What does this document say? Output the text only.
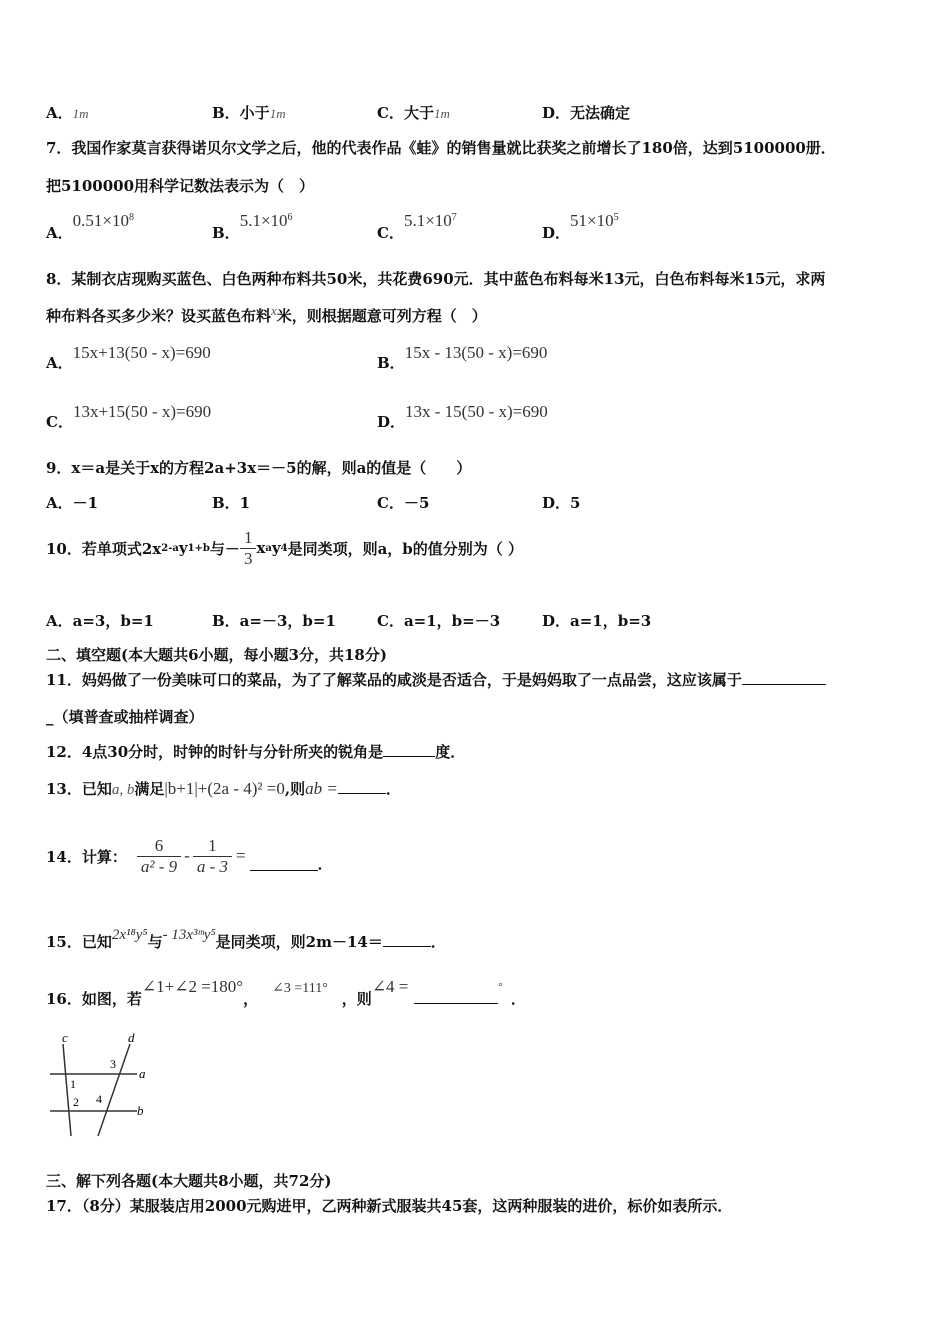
A．1m	B．小于1m	C．大于1m	D．无法确定
7．我国作家莫言获得诺贝尔文学之后，他的代表作品《蛙》的销售量就比获奖之前增长了180倍，达到5100000册．
把5100000用科学记数法表示为（　）
A．$0.51\times 10^8$
B．$5.1\times 10^6$
C．$5.1\times 10^7$
D．$51\times 10^5$
8．某制衣店现购买蓝色、白色两种布料共50米，共花费690元．其中蓝色布料每米13元，白色布料每米15元，求两
种布料各买多少米？设买蓝色布料x米，则根据题意可列方程（　）
A．15x+13(50 - x)=690
B．15x - 13(50 - x)=690
C．13x+15(50 - x)=690
D．13x - 15(50 - x)=690
9．x＝a是关于x的方程2a+3x＝－5的解，则a的值是（　　）
A．－1	B．1	C．－5	D．5
10．若单项式2x 2-a y 1+b 与－ $\frac{1}{3}$ x a y 4 是同类项，则a，b的值分别为（ ）
A．a=3，b=1	B．a=－3，b=1	C．a=1，b=－3	D．a=1，b=3
二、填空题(本大题共6小题，每小题3分，共18分)
11．妈妈做了一份美味可口的菜品，为了了解菜品的咸淡是否适合，于是妈妈取了一点品尝，这应该属于
_（填普查或抽样调查）
12．4点30分时，时钟的时针与分针所夹的锐角是	度．
13．已知a, b满足|b+1|+(2a - 4)² =0,则ab =	．
14．计算： $\frac{6}{\text{a² - 9}} - \frac{1}{a - 3}$ =	．
15．已知2x¹⁸y⁵与- 13x³ᵐy⁵是同类项，则2m－14＝	．
16．如图，若∠1+∠2 =180°，∠3 =111°，则∠4 =	°．
c	d
a
b
1
2
3
4
三、解下列各题(本大题共8小题，共72分)
17．（8分）某服装店用2000元购进甲，乙两种新式服装共45套，这两种服装的进价，标价如表所示．
